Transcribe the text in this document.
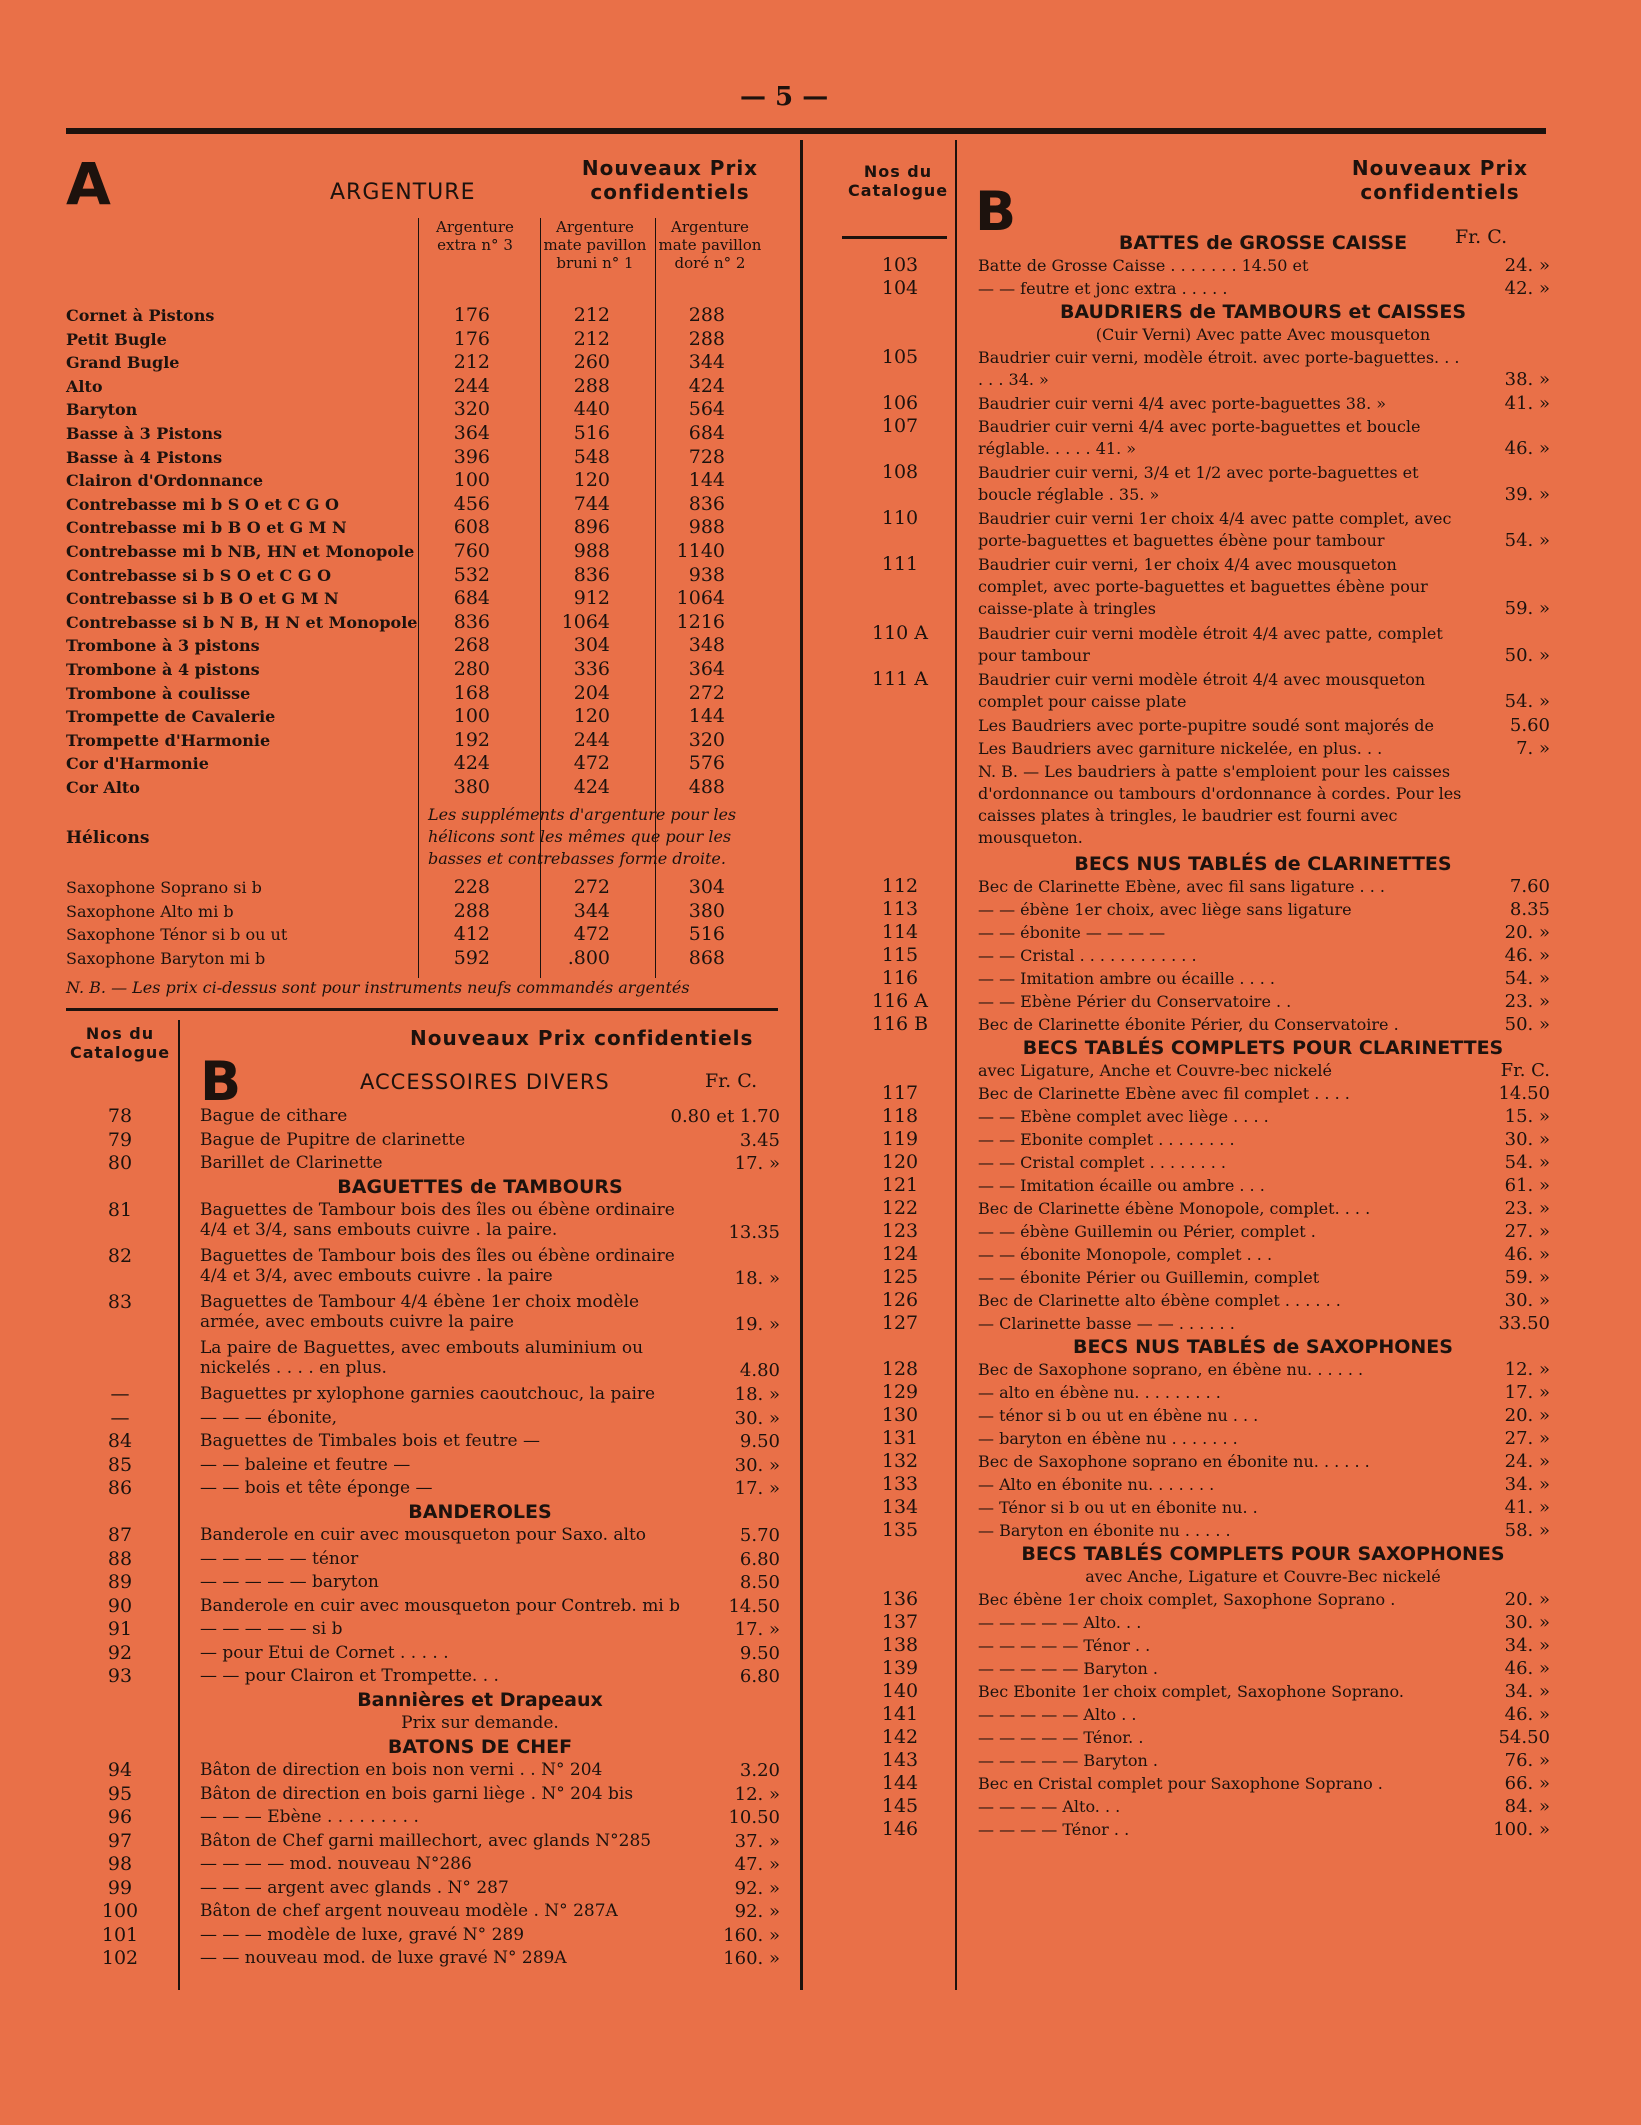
— 5 —
A	ARGENTURE
Nouveaux Prix confidentiels
Argenture extra n° 3
Argenture mate pavillon bruni n° 1
Argenture mate pavillon doré n° 2
Cornet à Pistons	176	212	288
Petit Bugle	176	212	288
Grand Bugle	212	260	344
Alto	244	288	424
Baryton	320	440	564
Basse à 3 Pistons	364	516	684
Basse à 4 Pistons	396	548	728
Clairon d'Ordonnance	100	120	144
Contrebasse mi b S O et C G O	456	744	836
Contrebasse mi b B O et G M N	608	896	988
Contrebasse mi b NB, HN et Monopole	760	988	1140
Contrebasse si b S O et C G O	532	836	938
Contrebasse si b B O et G M N	684	912	1064
Contrebasse si b N B, H N et Monopole	836	1064	1216
Trombone à 3 pistons	268	304	348
Trombone à 4 pistons	280	336	364
Trombone à coulisse	168	204	272
Trompette de Cavalerie	100	120	144
Trompette d'Harmonie	192	244	320
Cor d'Harmonie	424	472	576
Cor Alto	380	424	488
Hélicons
Les suppléments d'argenture pour les hélicons sont les mêmes que pour les basses et contrebasses forme droite.
Saxophone Soprano si b	228	272	304
Saxophone Alto mi b	288	344	380
Saxophone Ténor si b ou ut	412	472	516
Saxophone Baryton mi b	592	.800	868
N. B. — Les prix ci-dessus sont pour instruments neufs commandés argentés
Nos du Catalogue
Nouveaux Prix confidentiels
B	ACCESSOIRES DIVERS	Fr. C.
78	Bague de cithare	0.80 et 1.70
79	Bague de Pupitre de clarinette	3.45
80	Barillet de Clarinette	17. »
BAGUETTES de TAMBOURS
81	Baguettes de Tambour bois des îles ou ébène ordinaire 4/4 et 3/4, sans embouts cuivre . la paire.	13.35
82	Baguettes de Tambour bois des îles ou ébène ordinaire 4/4 et 3/4, avec embouts cuivre . la paire	18. »
83	Baguettes de Tambour 4/4 ébène 1er choix modèle armée, avec embouts cuivre la paire	19. »
La paire de Baguettes, avec embouts aluminium ou nickelés . . . . en plus.	4.80
—	Baguettes pr xylophone garnies caoutchouc, la paire	18. »
—	— — — ébonite,	30. »
84	Baguettes de Timbales bois et feutre —	9.50
85	— — baleine et feutre —	30. »
86	— — bois et tête éponge —	17. »
BANDEROLES
87	Banderole en cuir avec mousqueton pour Saxo. alto	5.70
88	— — — — — ténor	6.80
89	— — — — — baryton	8.50
90	Banderole en cuir avec mousqueton pour Contreb. mi b	14.50
91	— — — — — si b	17. »
92	— pour Etui de Cornet . . . . .	9.50
93	— — pour Clairon et Trompette. . .	6.80
Bannières et Drapeaux
Prix sur demande.
BATONS DE CHEF
94	Bâton de direction en bois non verni . . N° 204	3.20
95	Bâton de direction en bois garni liège . N° 204 bis	12. »
96	— — — Ebène . . . . . . . . .	10.50
97	Bâton de Chef garni maillechort, avec glands N°285	37. »
98	— — — — mod. nouveau N°286	47. »
99	— — — argent avec glands . N° 287	92. »
100	Bâton de chef argent nouveau modèle . N° 287A	92. »
101	— — — modèle de luxe, gravé N° 289	160. »
102	— — nouveau mod. de luxe gravé N° 289A	160. »
Nos du Catalogue
Nouveaux Prix confidentiels
B	Fr. C.
BATTES de GROSSE CAISSE
103	Batte de Grosse Caisse . . . . . . . 14.50 et	24. »
104	— — feutre et jonc extra . . . . .	42. »
BAUDRIERS de TAMBOURS et CAISSES
(Cuir Verni) Avec patte Avec mousqueton
105	Baudrier cuir verni, modèle étroit. avec porte-baguettes. . . . . . 34. »	38. »
106	Baudrier cuir verni 4/4 avec porte-baguettes 38. »	41. »
107	Baudrier cuir verni 4/4 avec porte-baguettes et boucle réglable. . . . . 41. »	46. »
108	Baudrier cuir verni, 3/4 et 1/2 avec porte-baguettes et boucle réglable . 35. »	39. »
110	Baudrier cuir verni 1er choix 4/4 avec patte complet, avec porte-baguettes et baguettes ébène pour tambour	54. »
111	Baudrier cuir verni, 1er choix 4/4 avec mousqueton complet, avec porte-baguettes et baguettes ébène pour caisse-plate à tringles	59. »
110 A	Baudrier cuir verni modèle étroit 4/4 avec patte, complet pour tambour	50. »
111 A	Baudrier cuir verni modèle étroit 4/4 avec mousqueton complet pour caisse plate	54. »
Les Baudriers avec porte-pupitre soudé sont majorés de	5.60
Les Baudriers avec garniture nickelée, en plus. . .	7. »
N. B. — Les baudriers à patte s'emploient pour les caisses d'ordonnance ou tambours d'ordonnance à cordes. Pour les caisses plates à tringles, le baudrier est fourni avec mousqueton.
BECS NUS TABLÉS de CLARINETTES
112	Bec de Clarinette Ebène, avec fil sans ligature . . .	7.60
113	— — ébène 1er choix, avec liège sans ligature	8.35
114	— — ébonite — — — —	20. »
115	— — Cristal . . . . . . . . . . . .	46. »
116	— — Imitation ambre ou écaille . . . .	54. »
116 A	— — Ebène Périer du Conservatoire . .	23. »
116 B	Bec de Clarinette ébonite Périer, du Conservatoire .	50. »
BECS TABLÉS COMPLETS POUR CLARINETTES
avec Ligature, Anche et Couvre-bec nickelé	Fr. C.
117	Bec de Clarinette Ebène avec fil complet . . . .	14.50
118	— — Ebène complet avec liège . . . .	15. »
119	— — Ebonite complet . . . . . . . .	30. »
120	— — Cristal complet . . . . . . . .	54. »
121	— — Imitation écaille ou ambre . . .	61. »
122	Bec de Clarinette ébène Monopole, complet. . . .	23. »
123	— — ébène Guillemin ou Périer, complet .	27. »
124	— — ébonite Monopole, complet . . .	46. »
125	— — ébonite Périer ou Guillemin, complet	59. »
126	Bec de Clarinette alto ébène complet . . . . . .	30. »
127	— Clarinette basse — — . . . . . .	33.50
BECS NUS TABLÉS de SAXOPHONES
128	Bec de Saxophone soprano, en ébène nu. . . . . .	12. »
129	— alto en ébène nu. . . . . . . . .	17. »
130	— ténor si b ou ut en ébène nu . . .	20. »
131	— baryton en ébène nu . . . . . . .	27. »
132	Bec de Saxophone soprano en ébonite nu. . . . . .	24. »
133	— Alto en ébonite nu. . . . . . .	34. »
134	— Ténor si b ou ut en ébonite nu. .	41. »
135	— Baryton en ébonite nu . . . . .	58. »
BECS TABLÉS COMPLETS POUR SAXOPHONES
avec Anche, Ligature et Couvre-Bec nickelé
136	Bec ébène 1er choix complet, Saxophone Soprano .	20. »
137	— — — — — Alto. . .	30. »
138	— — — — — Ténor . .	34. »
139	— — — — — Baryton .	46. »
140	Bec Ebonite 1er choix complet, Saxophone Soprano.	34. »
141	— — — — — Alto . .	46. »
142	— — — — — Ténor. .	54.50
143	— — — — — Baryton .	76. »
144	Bec en Cristal complet pour Saxophone Soprano .	66. »
145	— — — — Alto. . .	84. »
146	— — — — Ténor . .	100. »
